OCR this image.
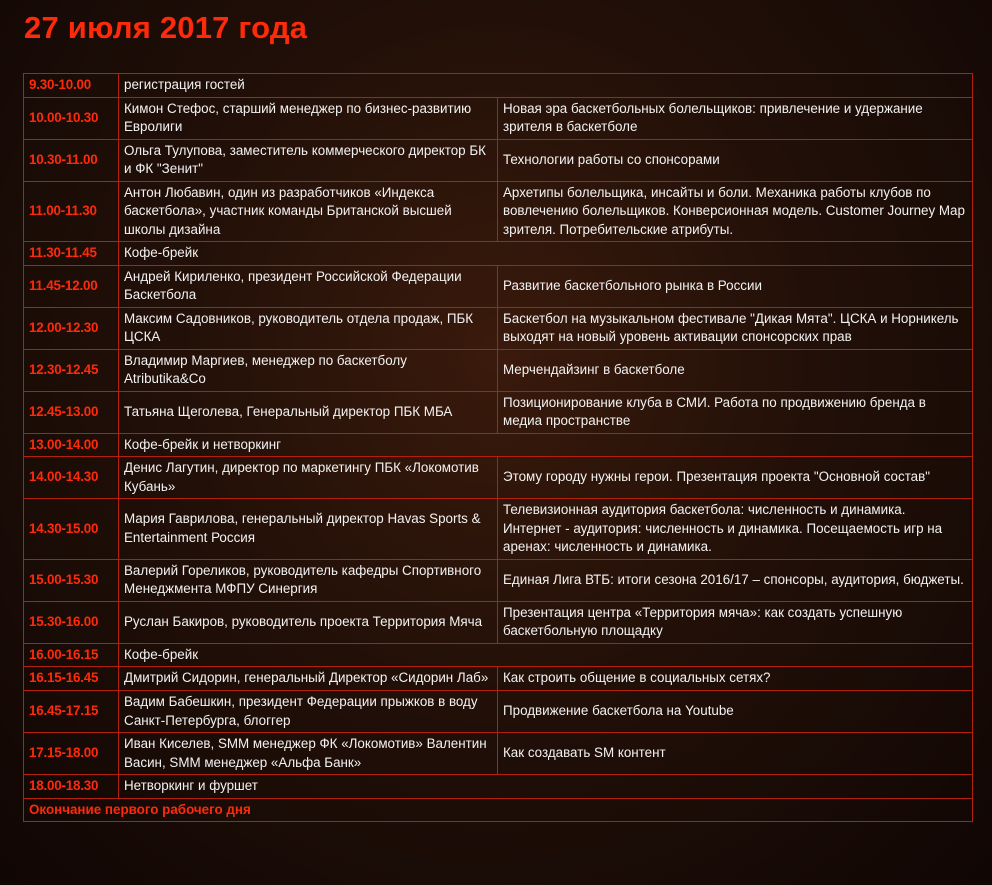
27 июля 2017 года
9.30-10.00	регистрация гостей	
10.00-10.30	Кимон Стефос, старший менеджер по бизнес-развитию Евролиги	Новая эра баскетбольных болельщиков: привлечение и удержание зрителя в баскетболе
10.30-11.00	Ольга Тулупова, заместитель коммерческого директор БК и ФК "Зенит"	Технологии работы со спонсорами
11.00-11.30	Антон Любавин, один из разработчиков «Индекса баскетбола», участник команды Британской высшей школы дизайна	Архетипы болельщика, инсайты и боли. Механика работы клубов по вовлечению болельщиков. Конверсионная модель. Customer Journey Map зрителя. Потребительские атрибуты.
11.30-11.45	Кофе-брейк	
11.45-12.00	Андрей Кириленко, президент Российской Федерации Баскетбола	Развитие баскетбольного рынка в России
12.00-12.30	Максим Садовников, руководитель отдела продаж, ПБК ЦСКА	Баскетбол на музыкальном фестивале "Дикая Мята". ЦСКА и Норникель выходят на новый уровень активации спонсорских прав
12.30-12.45	Владимир Маргиев, менеджер по баскетболу Atributika&Co	Мерчендайзинг в баскетболе
12.45-13.00	Татьяна Щеголева, Генеральный директор ПБК МБА	Позиционирование клуба в СМИ. Работа по продвижению бренда в медиа пространстве
13.00-14.00	Кофе-брейк и нетворкинг	
14.00-14.30	Денис Лагутин, директор по маркетингу ПБК «Локомотив Кубань»	Этому городу нужны герои. Презентация проекта "Основной состав"
14.30-15.00	Мария Гаврилова, генеральный директор Havas Sports & Entertainment Россия	Телевизионная аудитория баскетбола: численность и динамика. Интернет - аудитория: численность и динамика. Посещаемость игр на аренах: численность и динамика.
15.00-15.30	Валерий Гореликов, руководитель кафедры Спортивного Менеджмента МФПУ Синергия	Единая Лига ВТБ: итоги сезона 2016/17 – спонсоры, аудитория, бюджеты.
15.30-16.00	Руслан Бакиров, руководитель проекта Территория Мяча	Презентация центра «Территория мяча»: как создать успешную баскетбольную площадку
16.00-16.15	Кофе-брейк	
16.15-16.45	Дмитрий Сидорин, генеральный Директор «Сидорин Лаб»	Как строить общение в социальных сетях?
16.45-17.15	Вадим Бабешкин, президент Федерации прыжков в воду Санкт-Петербурга, блоггер	Продвижение баскетбола на Youtube
17.15-18.00	Иван Киселев, SMM менеджер ФК «Локомотив» Валентин Васин, SMM менеджер «Альфа Банк»	Как создавать SM контент
18.00-18.30	Нетворкинг и фуршет	
Окончание первого рабочего дня		
